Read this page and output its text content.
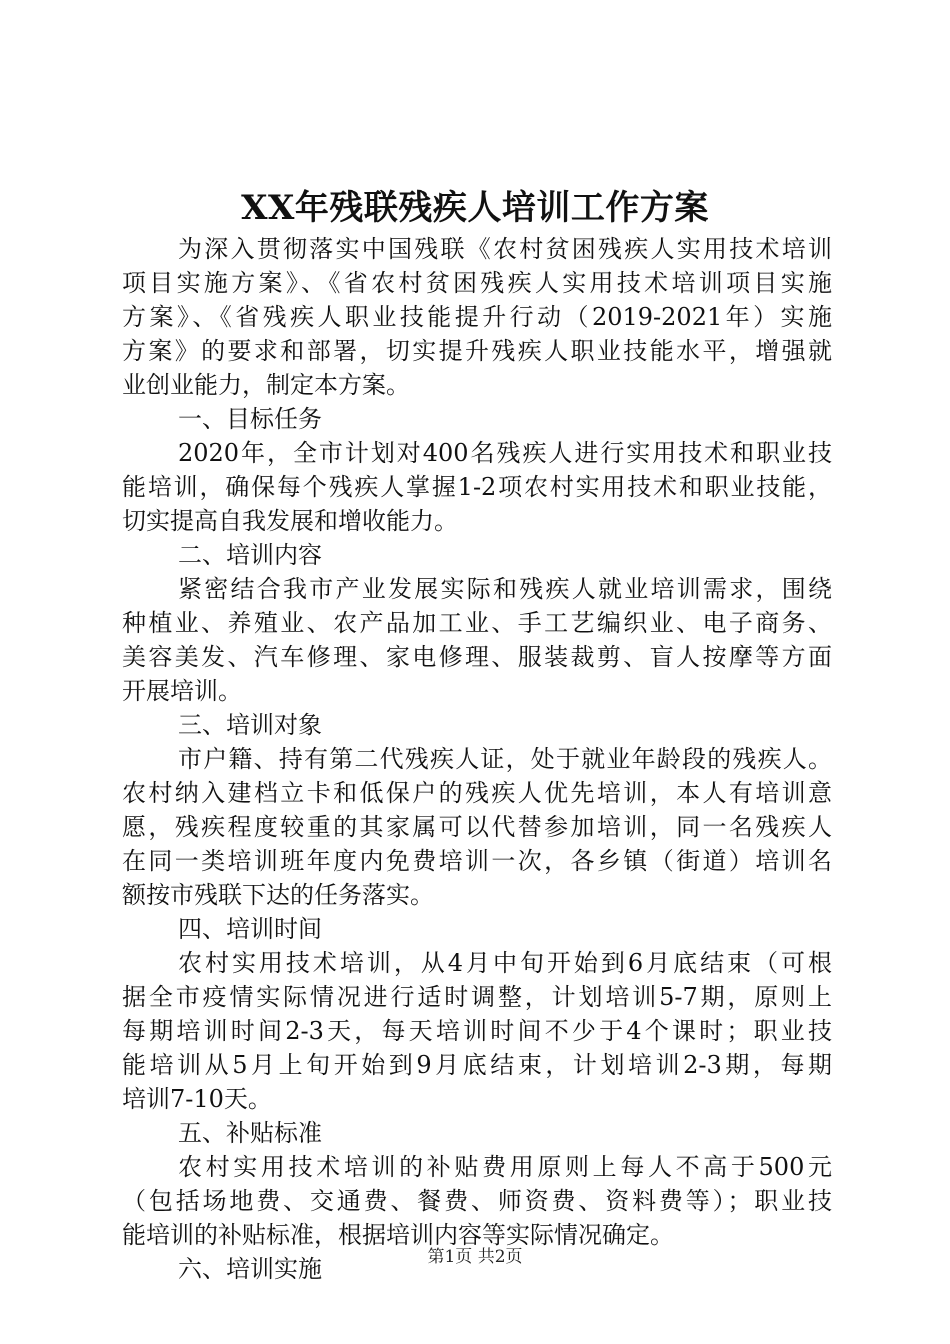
XX年残联残疾人培训工作方案

为深入贯彻落实中国残联《农村贫困残疾人实用技术培训

项目实施方案》、《省农村贫困残疾人实用技术培训项目实施

方案》、《省残疾人职业技能提升行动（2019-2021年）实施

方案》的要求和部署，切实提升残疾人职业技能水平，增强就

业创业能力，制定本方案。

一、目标任务

2020年，全市计划对400名残疾人进行实用技术和职业技

能培训，确保每个残疾人掌握1-2项农村实用技术和职业技能，

切实提高自我发展和增收能力。

二、培训内容

紧密结合我市产业发展实际和残疾人就业培训需求，围绕

种植业、养殖业、农产品加工业、手工艺编织业、电子商务、

美容美发、汽车修理、家电修理、服装裁剪、盲人按摩等方面

开展培训。

三、培训对象

市户籍、持有第二代残疾人证，处于就业年龄段的残疾人。

农村纳入建档立卡和低保户的残疾人优先培训，本人有培训意

愿，残疾程度较重的其家属可以代替参加培训，同一名残疾人

在同一类培训班年度内免费培训一次，各乡镇（街道）培训名

额按市残联下达的任务落实。

四、培训时间

农村实用技术培训，从4月中旬开始到6月底结束（可根

据全市疫情实际情况进行适时调整，计划培训5-7期，原则上

每期培训时间2-3天，每天培训时间不少于4个课时；职业技

能培训从5月上旬开始到9月底结束，计划培训2-3期，每期

培训7-10天。

五、补贴标准

农村实用技术培训的补贴费用原则上每人不高于500元

（包括场地费、交通费、餐费、师资费、资料费等）；职业技

能培训的补贴标准，根据培训内容等实际情况确定。

六、培训实施	第1页 共2页
